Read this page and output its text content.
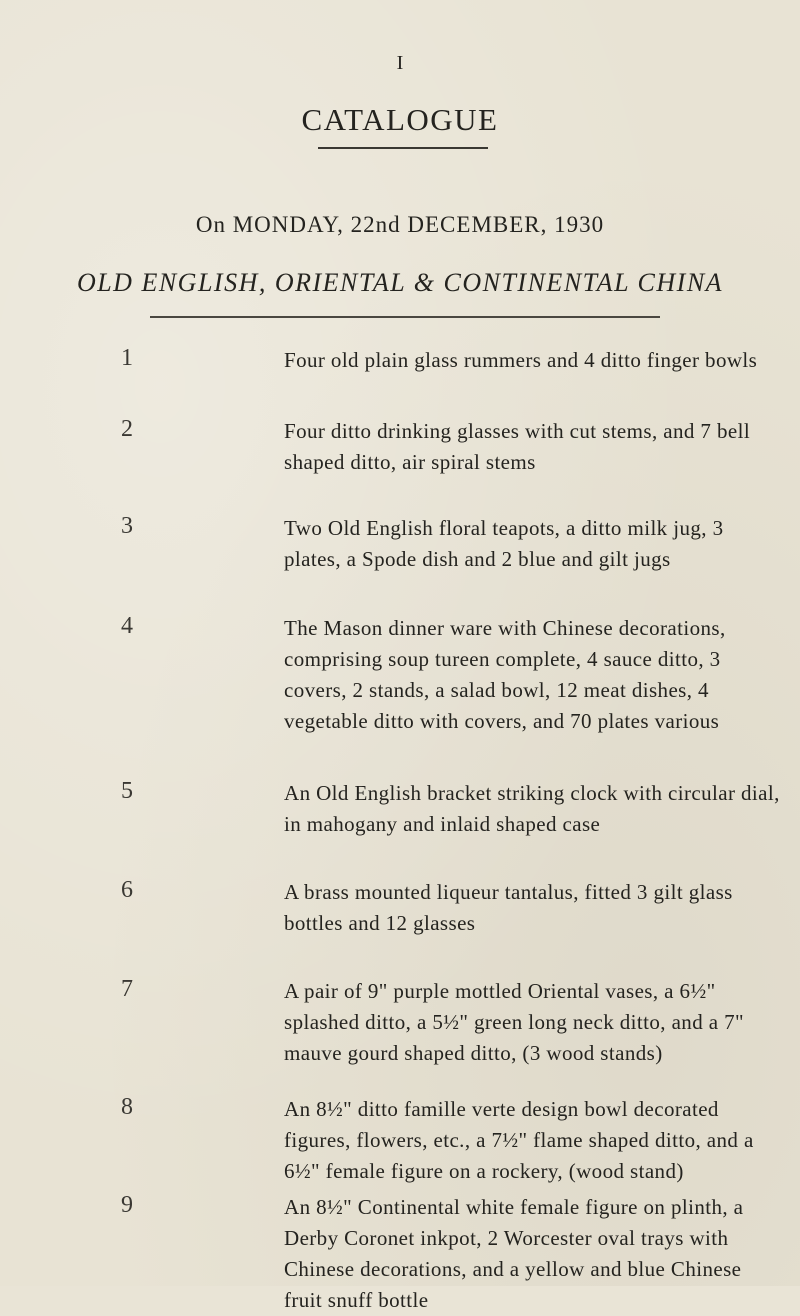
I
CATALOGUE
On MONDAY, 22nd DECEMBER, 1930
OLD ENGLISH, ORIENTAL & CONTINENTAL CHINA
1	Four old plain glass rummers and 4 ditto finger bowls
2	Four ditto drinking glasses with cut stems, and 7 bell shaped ditto, air spiral stems
3	Two Old English floral teapots, a ditto milk jug, 3 plates, a Spode dish and 2 blue and gilt jugs
4	The Mason dinner ware with Chinese decorations, comprising soup tureen complete, 4 sauce ditto, 3 covers, 2 stands, a salad bowl, 12 meat dishes, 4 vegetable ditto with covers, and 70 plates various
5	An Old English bracket striking clock with circular dial, in mahogany and inlaid shaped case
6	A brass mounted liqueur tantalus, fitted 3 gilt glass bottles and 12 glasses
7	A pair of 9" purple mottled Oriental vases, a 6½" splashed ditto, a 5½" green long neck ditto, and a 7" mauve gourd shaped ditto, (3 wood stands)
8	An 8½" ditto famille verte design bowl decorated figures, flowers, etc., a 7½" flame shaped ditto, and a 6½" female figure on a rockery, (wood stand)
9	An 8½" Continental white female figure on plinth, a Derby Coronet inkpot, 2 Worcester oval trays with Chinese decorations, and a yellow and blue Chinese fruit snuff bottle
